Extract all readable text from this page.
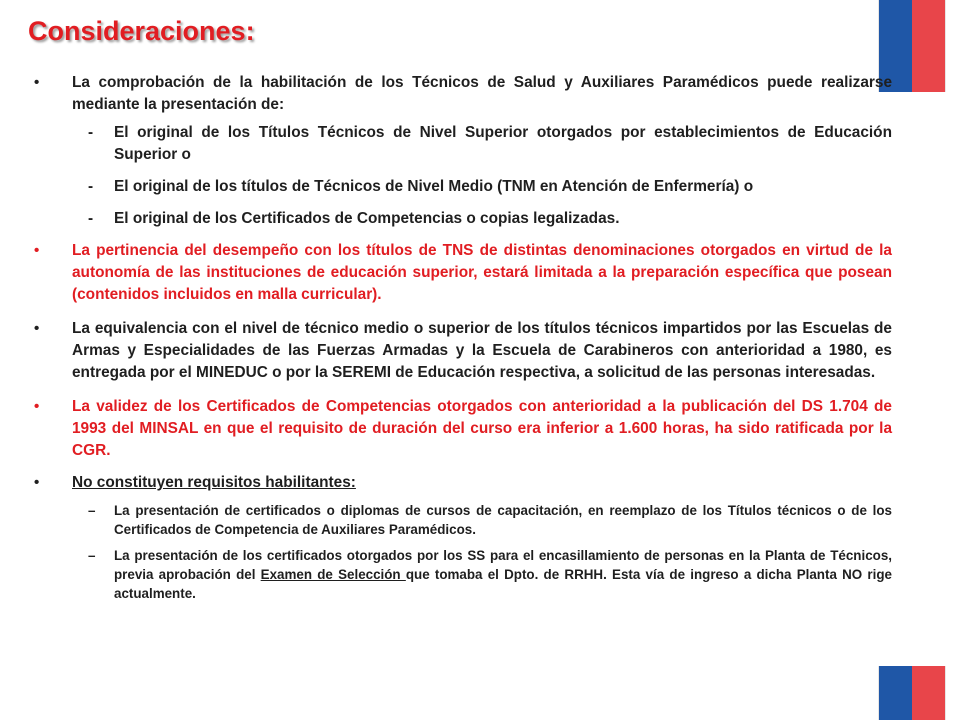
Consideraciones:
• La comprobación de la habilitación de los Técnicos de Salud y Auxiliares Paramédicos puede realizarse mediante la presentación de:
- El original de los Títulos Técnicos de Nivel Superior otorgados por establecimientos de Educación Superior o
- El original de los títulos de Técnicos de Nivel Medio (TNM en Atención de Enfermería) o
- El original de los Certificados de Competencias o copias legalizadas.
• La pertinencia del desempeño con los títulos de TNS de distintas denominaciones otorgados en virtud de la autonomía de las instituciones de educación superior, estará limitada a la preparación específica que posean (contenidos incluidos en malla curricular).
• La equivalencia con el nivel de técnico medio o superior de los títulos técnicos impartidos por las Escuelas de Armas y Especialidades de las Fuerzas Armadas y la Escuela de Carabineros con anterioridad a 1980, es entregada por el MINEDUC o por la SEREMI de Educación respectiva, a solicitud de las personas interesadas.
• La validez de los Certificados de Competencias otorgados con anterioridad a la publicación del DS 1.704 de 1993 del MINSAL en que el requisito de duración del curso era inferior a 1.600 horas, ha sido ratificada por la CGR.
• No constituyen requisitos habilitantes:
– La presentación de certificados o diplomas de cursos de capacitación, en reemplazo de los Títulos técnicos o de los Certificados de Competencia de Auxiliares Paramédicos.
– La presentación de los certificados otorgados por los SS para el encasillamiento de personas en la Planta de Técnicos, previa aprobación del Examen de Selección que tomaba el Dpto. de RRHH. Esta vía de ingreso a dicha Planta NO rige actualmente.
